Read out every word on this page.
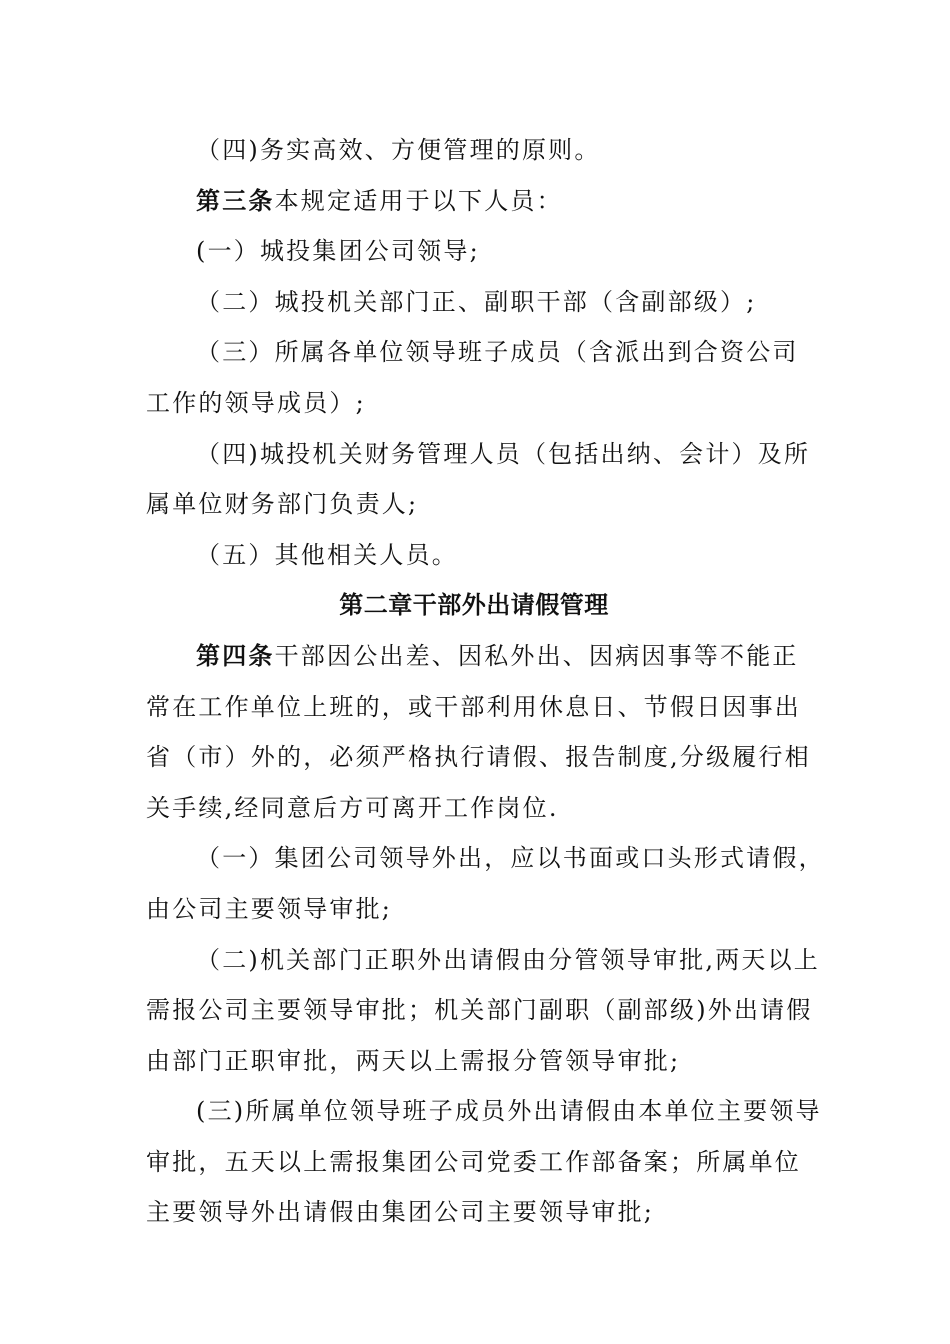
（四)务实高效、方便管理的原则。
第三条本规定适用于以下人员：
(一）城投集团公司领导;
（二）城投机关部门正、副职干部（含副部级）;
（三）所属各单位领导班子成员（含派出到合资公司
工作的领导成员）;
（四)城投机关财务管理人员（包括出纳、会计）及所
属单位财务部门负责人;
（五）其他相关人员。
第二章干部外出请假管理
第四条干部因公出差、因私外出、因病因事等不能正
常在工作单位上班的，或干部利用休息日、节假日因事出
省（市）外的，必须严格执行请假、报告制度,分级履行相
关手续,经同意后方可离开工作岗位.
（一）集团公司领导外出，应以书面或口头形式请假，
由公司主要领导审批;
（二)机关部门正职外出请假由分管领导审批,两天以上
需报公司主要领导审批；机关部门副职（副部级)外出请假
由部门正职审批，两天以上需报分管领导审批;
(三)所属单位领导班子成员外出请假由本单位主要领导
审批，五天以上需报集团公司党委工作部备案；所属单位
主要领导外出请假由集团公司主要领导审批;
